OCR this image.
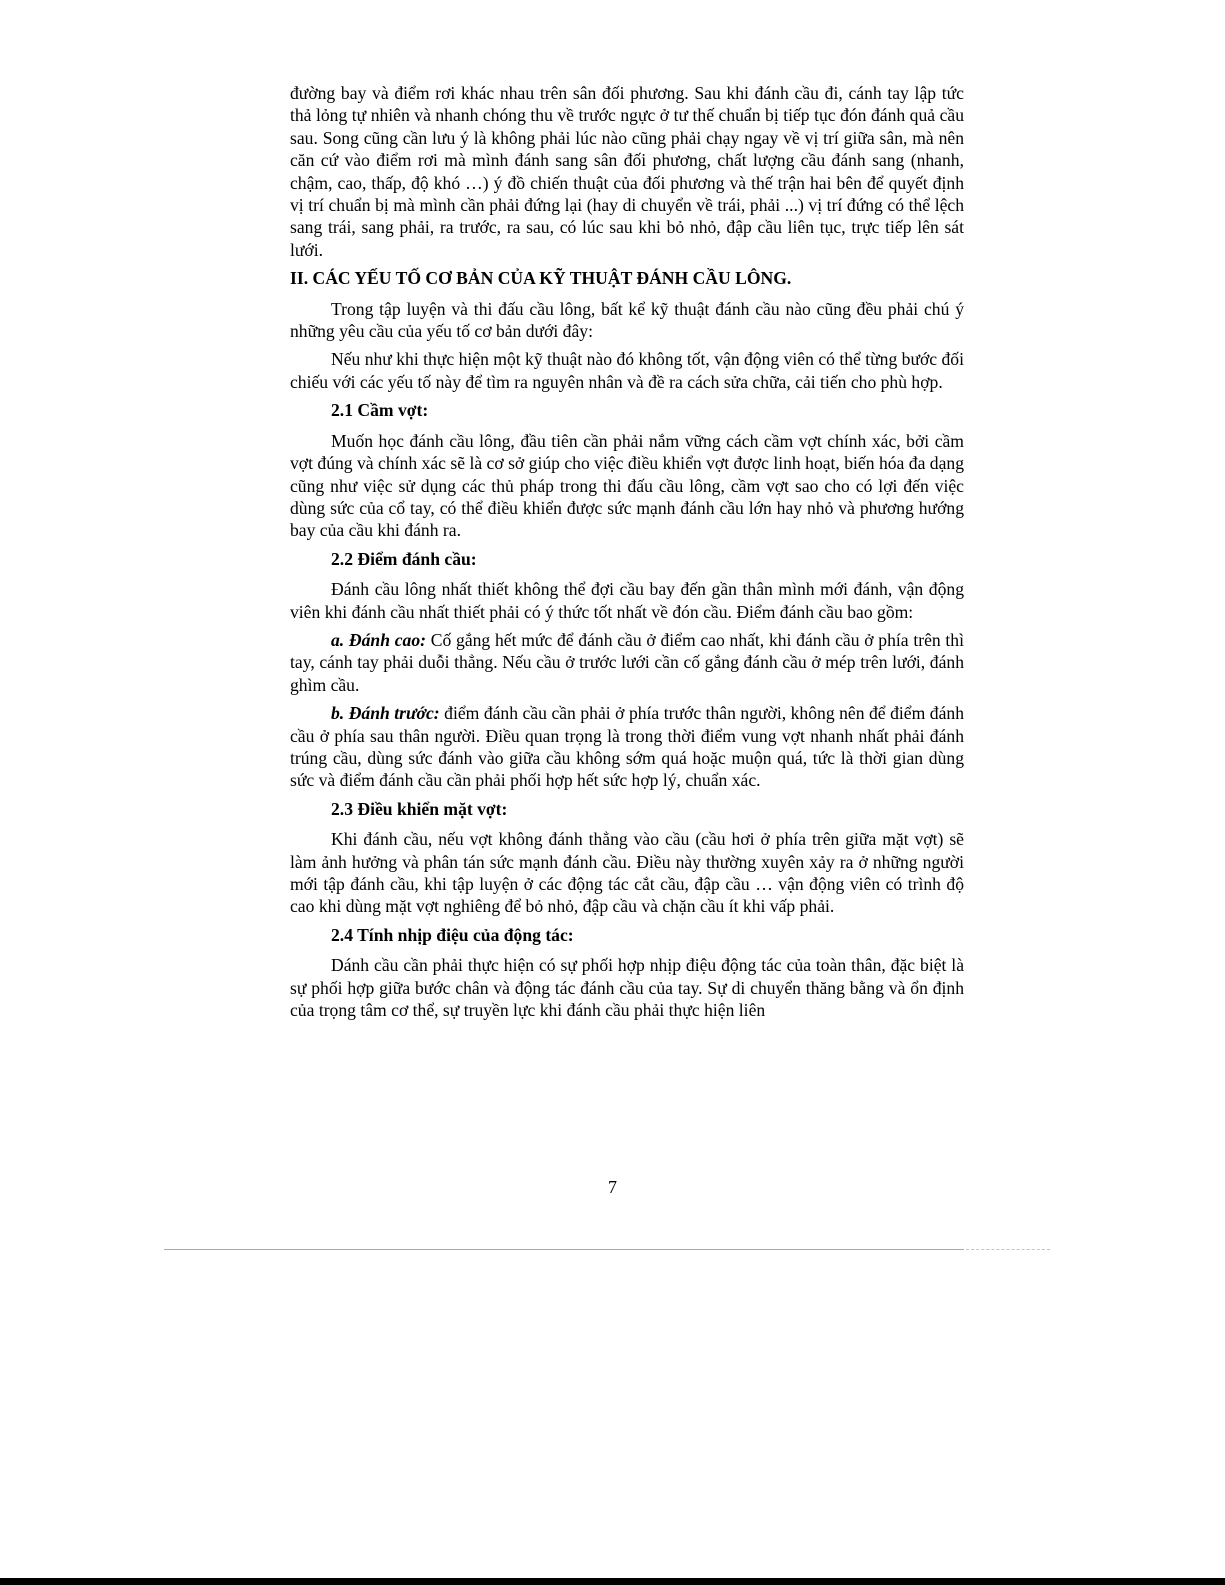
đường bay và điểm rơi khác nhau trên sân đối phương. Sau khi đánh cầu đi, cánh tay lập tức thả lỏng tự nhiên và nhanh chóng thu về trước ngực ở tư thế chuẩn bị tiếp tục đón đánh quả cầu sau. Song cũng cần lưu ý là không phải lúc nào cũng phải chạy ngay về vị trí giữa sân, mà nên căn cứ vào điểm rơi mà mình đánh sang sân đối phương, chất lượng cầu đánh sang (nhanh, chậm, cao, thấp, độ khó …) ý đồ chiến thuật của đối phương và thế trận hai bên để quyết định vị trí chuẩn bị mà mình cần phải đứng lại (hay di chuyển về trái, phải ...) vị trí đứng có thể lệch sang trái, sang phải, ra trước, ra sau, có lúc sau khi bỏ nhỏ, đập cầu liên tục, trực tiếp lên sát lưới.

II. CÁC YẾU TỐ CƠ BẢN CỦA KỸ THUẬT ĐÁNH CẦU LÔNG.

Trong tập luyện và thi đấu cầu lông, bất kể kỹ thuật đánh cầu nào cũng đều phải chú ý những yêu cầu của yếu tố cơ bản dưới đây:

Nếu như khi thực hiện một kỹ thuật nào đó không tốt, vận động viên có thể từng bước đối chiếu với các yếu tố này để tìm ra nguyên nhân và đề ra cách sửa chữa, cải tiến cho phù hợp.

2.1 Cầm vợt:

Muốn học đánh cầu lông, đầu tiên cần phải nắm vững cách cầm vợt chính xác, bởi cầm vợt đúng và chính xác sẽ là cơ sở giúp cho việc điều khiển vợt được linh hoạt, biến hóa đa dạng cũng như việc sử dụng các thủ pháp trong thi đấu cầu lông, cầm vợt sao cho có lợi đến việc dùng sức của cổ tay, có thể điều khiển được sức mạnh đánh cầu lớn hay nhỏ và phương hướng bay của cầu khi đánh ra.

2.2 Điểm đánh cầu:

Đánh cầu lông nhất thiết không thể đợi cầu bay đến gần thân mình mới đánh, vận động viên khi đánh cầu nhất thiết phải có ý thức tốt nhất về đón cầu. Điểm đánh cầu bao gồm:

a. Đánh cao: Cố gắng hết mức để đánh cầu ở điểm cao nhất, khi đánh cầu ở phía trên thì tay, cánh tay phải duỗi thẳng. Nếu cầu ở trước lưới cần cố gắng đánh cầu ở mép trên lưới, đánh ghìm cầu.

b. Đánh trước: điểm đánh cầu cần phải ở phía trước thân người, không nên để điểm đánh cầu ở phía sau thân người. Điều quan trọng là trong thời điểm vung vợt nhanh nhất phải đánh trúng cầu, dùng sức đánh vào giữa cầu không sớm quá hoặc muộn quá, tức là thời gian dùng sức và điểm đánh cầu cần phải phối hợp hết sức hợp lý, chuẩn xác.

2.3 Điều khiển mặt vợt:

Khi đánh cầu, nếu vợt không đánh thẳng vào cầu (cầu hơi ở phía trên giữa mặt vợt) sẽ làm ảnh hưởng và phân tán sức mạnh đánh cầu. Điều này thường xuyên xảy ra ở những người mới tập đánh cầu, khi tập luyện ở các động tác cắt cầu, đập cầu … vận động viên có trình độ cao khi dùng mặt vợt nghiêng để bỏ nhỏ, đập cầu và chặn cầu ít khi vấp phải.

2.4 Tính nhịp điệu của động tác:

Dánh cầu cần phải thực hiện có sự phối hợp nhịp điệu động tác của toàn thân, đặc biệt là sự phối hợp giữa bước chân và động tác đánh cầu của tay. Sự di chuyển thăng bằng và ổn định của trọng tâm cơ thể, sự truyền lực khi đánh cầu phải thực hiện liên

7
